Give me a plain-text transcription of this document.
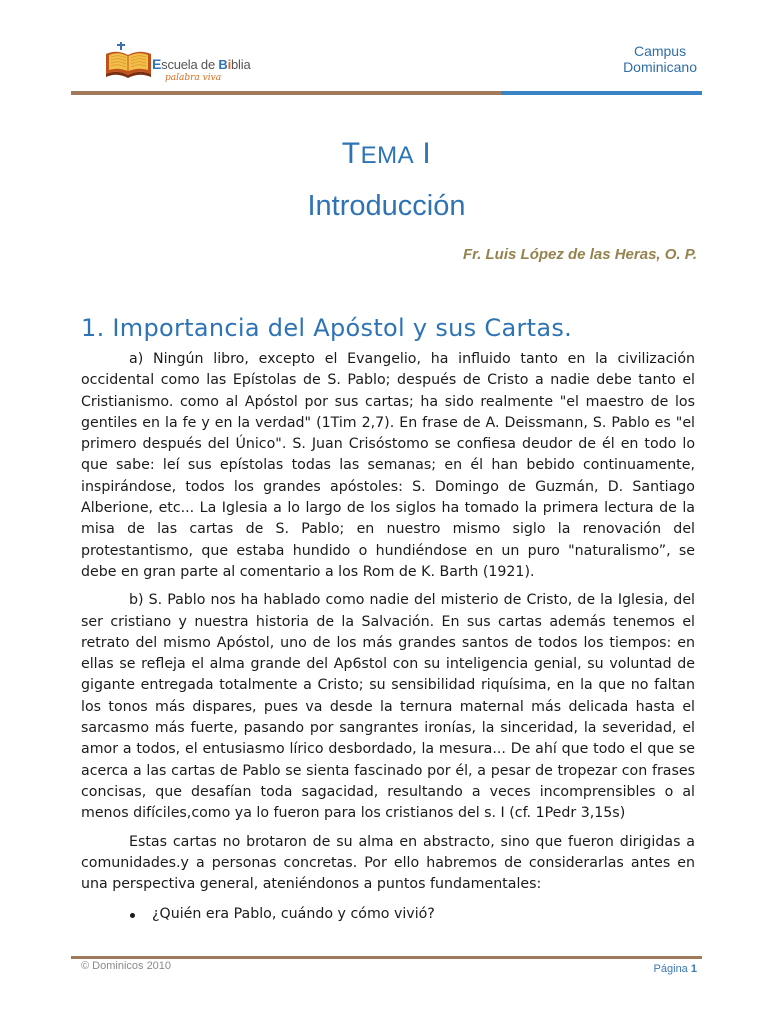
Escuela de Biblia
palabra viva
Campus
Dominicano
TEMA I
Introducción
Fr. Luis López de las Heras, O. P.
1. Importancia del Apóstol y sus Cartas.

a) Ningún libro, excepto el Evangelio, ha influido tanto en la civilización occidental como las Epístolas de S. Pablo; después de Cristo a nadie debe tanto el Cristianismo. como al Apóstol por sus cartas; ha sido realmente "el maestro de los gentiles en la fe y en la verdad" (1Tim 2,7). En frase de A. Deissmann, S. Pablo es "el primero después del Único". S. Juan Crisóstomo se confiesa deudor de él en todo lo que sabe: leí sus epístolas todas las semanas; en él han bebido continuamente, inspirándose, todos los grandes apóstoles: S. Domingo de Guzmán, D. Santiago Alberione, etc... La Iglesia a lo largo de los siglos ha tomado la primera lectura de la misa de las cartas de S. Pablo; en nuestro mismo siglo la renovación del protestantismo, que estaba hundido o hundiéndose en un puro "naturalismo”, se debe en gran parte al comentario a los Rom de K. Barth (1921).

b) S. Pablo nos ha hablado como nadie del misterio de Cristo, de la Iglesia, del ser cristiano y nuestra historia de la Salvación. En sus cartas además tenemos el retrato del mismo Apóstol, uno de los más grandes santos de todos los tiempos: en ellas se refleja el alma grande del Ap6stol con su inteligencia genial, su voluntad de gigante entregada totalmente a Cristo; su sensibilidad riquísima, en la que no faltan los tonos más dispares, pues va desde la ternura maternal más delicada hasta el sarcasmo más fuerte, pasando por sangrantes ironías, la sinceridad, la severidad, el amor a todos, el entusiasmo lírico desbordado, la mesura... De ahí que todo el que se acerca a las cartas de Pablo se sienta fascinado por él, a pesar de tropezar con frases concisas, que desafían toda sagacidad, resultando a veces incomprensibles o al menos difíciles,como ya lo fueron para los cristianos del s. I (cf. 1Pedr 3,15s)

Estas cartas no brotaron de su alma en abstracto, sino que fueron dirigidas a comunidades.y a personas concretas. Por ello habremos de considerarlas antes en una perspectiva general, ateniéndonos a puntos fundamentales:

¿Quién era Pablo, cuándo y cómo vivió?
© Dominicos 2010	Página 1
